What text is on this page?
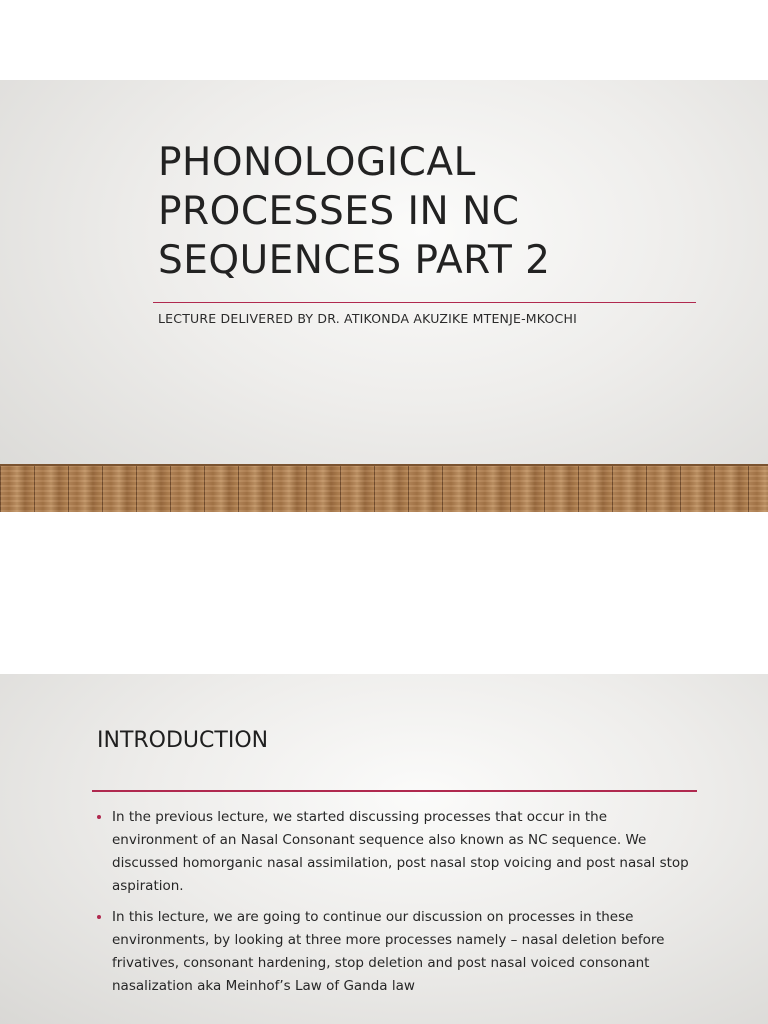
PHONOLOGICAL PROCESSES IN NC SEQUENCES PART 2
LECTURE DELIVERED BY DR. ATIKONDA AKUZIKE MTENJE-MKOCHI
INTRODUCTION
In the previous lecture, we started discussing processes that occur in the environment of an Nasal Consonant sequence also known as NC sequence. We discussed homorganic nasal assimilation, post nasal stop voicing and post nasal stop aspiration.
In this lecture, we are going to continue our discussion on processes in these environments, by looking at three more processes namely – nasal deletion before frivatives, consonant hardening, stop deletion and post nasal voiced consonant nasalization aka Meinhof’s Law of Ganda law
